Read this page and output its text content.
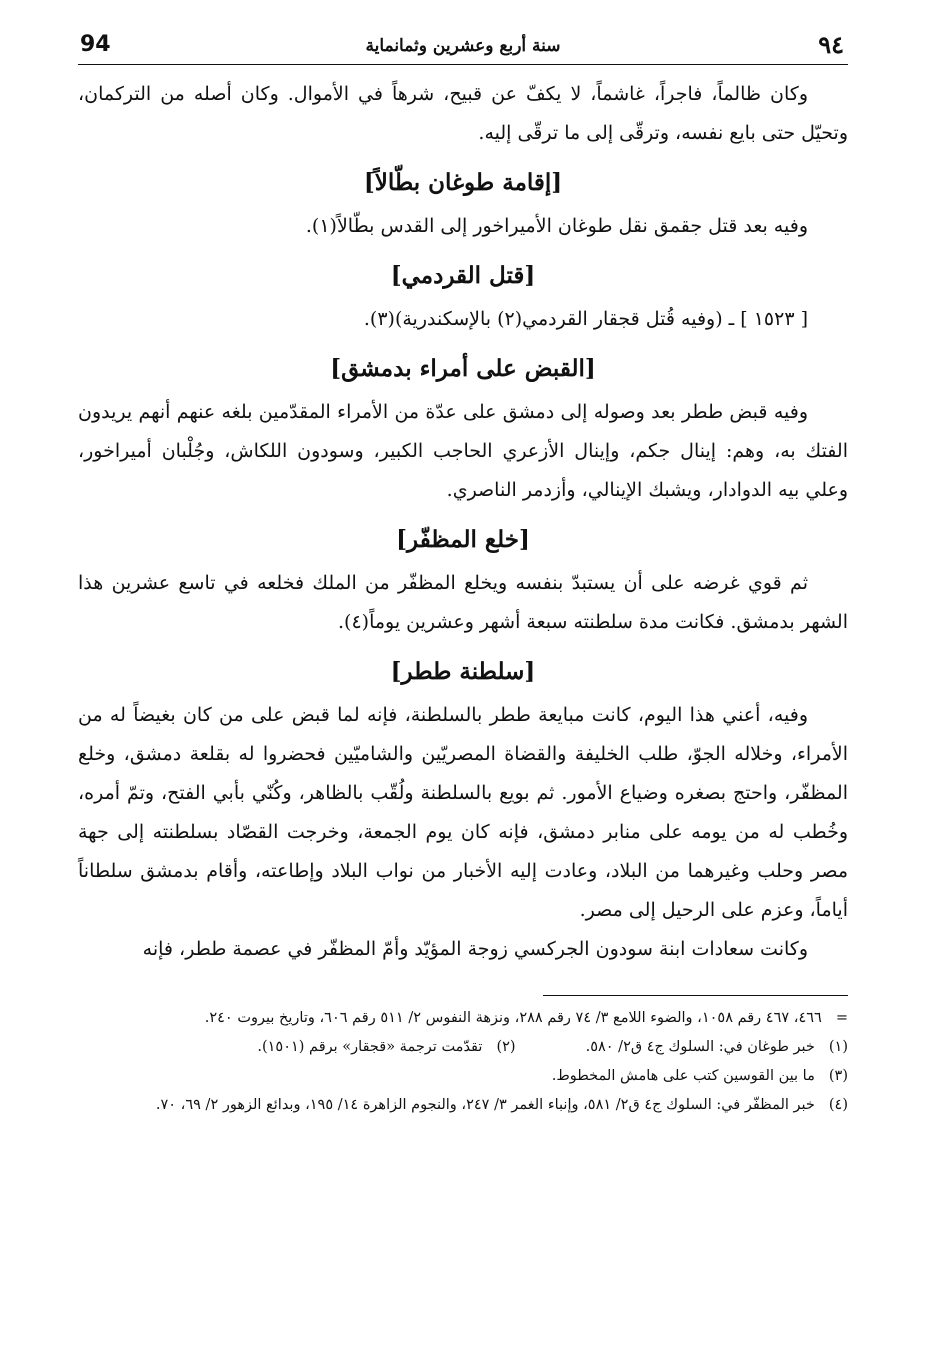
94	سنة أربع وعشرين وثمانماية	٩٤

وكان ظالماً، فاجراً، غاشماً، لا يكفّ عن قبيح، شرهاً في الأموال. وكان أصله من التركمان، وتحيّل حتى بايع نفسه، وترقّى إلى ما ترقّى إليه.

[إقامة طوغان بطّالاً]

وفيه بعد قتل جقمق نقل طوغان الأميراخور إلى القدس بطّالاً(١).

[قتل القردمي]

[ ١٥٢٣ ] ـ (وفيه قُتل قجقار القردمي(٢) بالإسكندرية)(٣).

[القبض على أمراء بدمشق]

وفيه قبض ططر بعد وصوله إلى دمشق على عدّة من الأمراء المقدّمين بلغه عنهم أنهم يريدون الفتك به، وهم: إينال جكم، وإينال الأزعري الحاجب الكبير، وسودون اللكاش، وجُلْبان أميراخور، وعلي بيه الدوادار، ويشبك الإينالي، وأزدمر الناصري.

[خلع المظفّر]

ثم قوي غرضه على أن يستبدّ بنفسه ويخلع المظفّر من الملك فخلعه في تاسع عشرين هذا الشهر بدمشق. فكانت مدة سلطنته سبعة أشهر وعشرين يوماً(٤).

[سلطنة ططر]

وفيه، أعني هذا اليوم، كانت مبايعة ططر بالسلطنة، فإنه لما قبض على من كان بغيضاً له من الأمراء، وخلاله الجوّ، طلب الخليفة والقضاة المصريّين والشاميّين فحضروا له بقلعة دمشق، وخلع المظفّر، واحتج بصغره وضياع الأمور. ثم بويع بالسلطنة ولُقّب بالظاهر، وكُنّي بأبي الفتح، وتمّ أمره، وخُطب له من يومه على منابر دمشق، فإنه كان يوم الجمعة، وخرجت القصّاد بسلطنته إلى جهة مصر وحلب وغيرهما من البلاد، وعادت إليه الأخبار من نواب البلاد وإطاعته، وأقام بدمشق سلطاناً أياماً، وعزم على الرحيل إلى مصر.

وكانت سعادات ابنة سودون الجركسي زوجة المؤيّد وأمّ المظفّر في عصمة ططر، فإنه

=٤٦٦، ٤٦٧ رقم ١٠٥٨، والضوء اللامع ٣/ ٧٤ رقم ٢٨٨، ونزهة النفوس ٢/ ٥١١ رقم ٦٠٦، وتاريخ بيروت ٢٤٠.

(١)خبر طوغان في: السلوك ج٤ ق٢/ ٥٨٠.

(٢)تقدّمت ترجمة «قجقار» برقم (١٥٠١).

(٣)ما بين القوسين كتب على هامش المخطوط.

(٤)خبر المظفّر في: السلوك ج٤ ق٢/ ٥٨١، وإنباء الغمر ٣/ ٢٤٧، والنجوم الزاهرة ١٤/ ١٩٥، وبدائع الزهور ٢/ ٦٩، ٧٠.
